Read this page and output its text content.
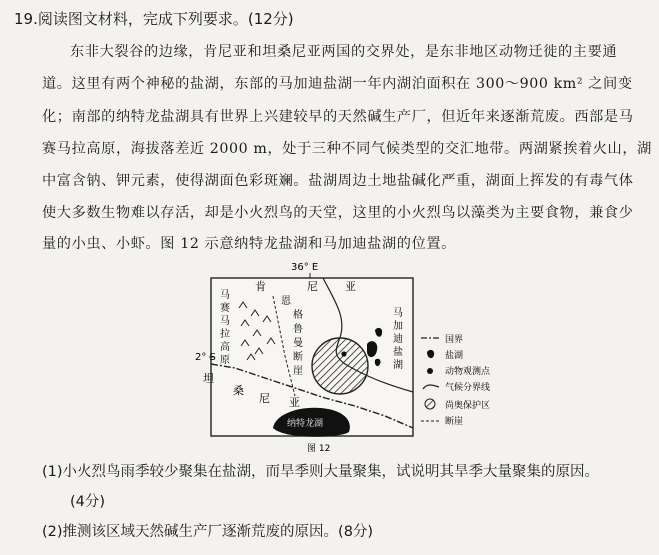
19.阅读图文材料，完成下列要求。(12分)
东非大裂谷的边缘，肯尼亚和坦桑尼亚两国的交界处，是东非地区动物迁徙的主要通
道。这里有两个神秘的盐湖，东部的马加迪盐湖一年内湖泊面积在 300～900 km² 之间变
化；南部的纳特龙盐湖具有世界上兴建较早的天然碱生产厂，但近年来逐渐荒废。西部是马
赛马拉高原，海拔落差近 2000 m，处于三种不同气候类型的交汇地带。两湖紧挨着火山，湖
中富含钠、钾元素，使得湖面色彩斑斓。盐湖周边土地盐碱化严重，湖面上挥发的有毒气体
使大多数生物难以存活，却是小火烈鸟的天堂，这里的小火烈鸟以藻类为主要食物，兼食少
量的小虫、小虾。图 12 示意纳特龙盐湖和马加迪盐湖的位置。
36° E
2° S
纳特龙湖
肯	尼 亚
坦
桑
尼 亚
马
赛
马
拉
高
原
恩
格
鲁
曼
断
崖
马
加
迪
盐
湖
国界
盐湖
动物观测点
气候分界线
尚奥保护区
断崖
图 12
(1)小火烈鸟雨季较少聚集在盐湖，而旱季则大量聚集，试说明其旱季大量聚集的原因。
(4分)
(2)推测该区域天然碱生产厂逐渐荒废的原因。(8分)
